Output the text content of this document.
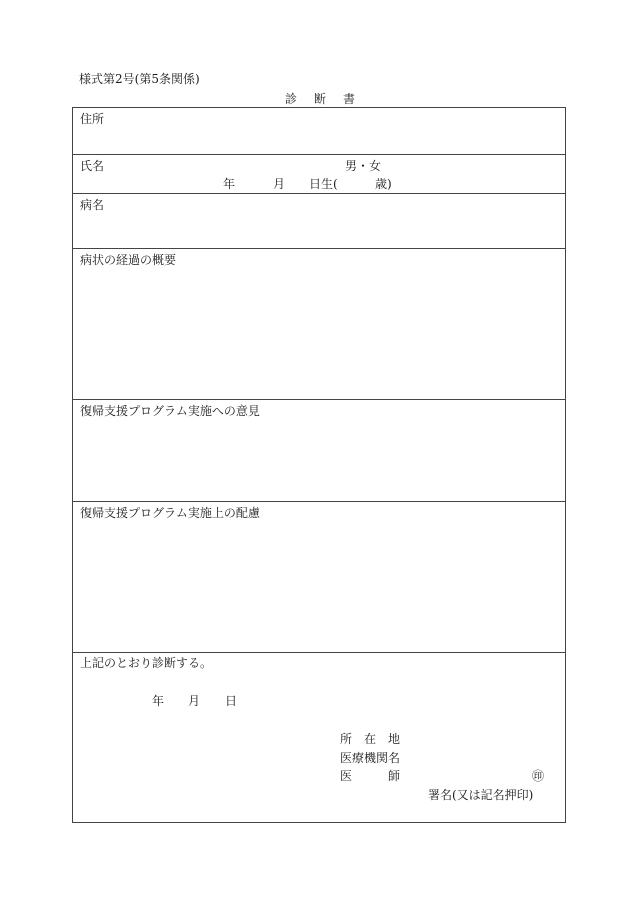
様式第2号(第5条関係)
診 断 書
住所
氏名	男・女
年	月 日生(	歳)
病名
病状の経過の概要
復帰支援プログラム実施への意見
復帰支援プログラム実施上の配慮
上記のとおり診断する。
年 月 日
所　在　地
医療機関名
医　　　師	㊞
署名(又は記名押印)
